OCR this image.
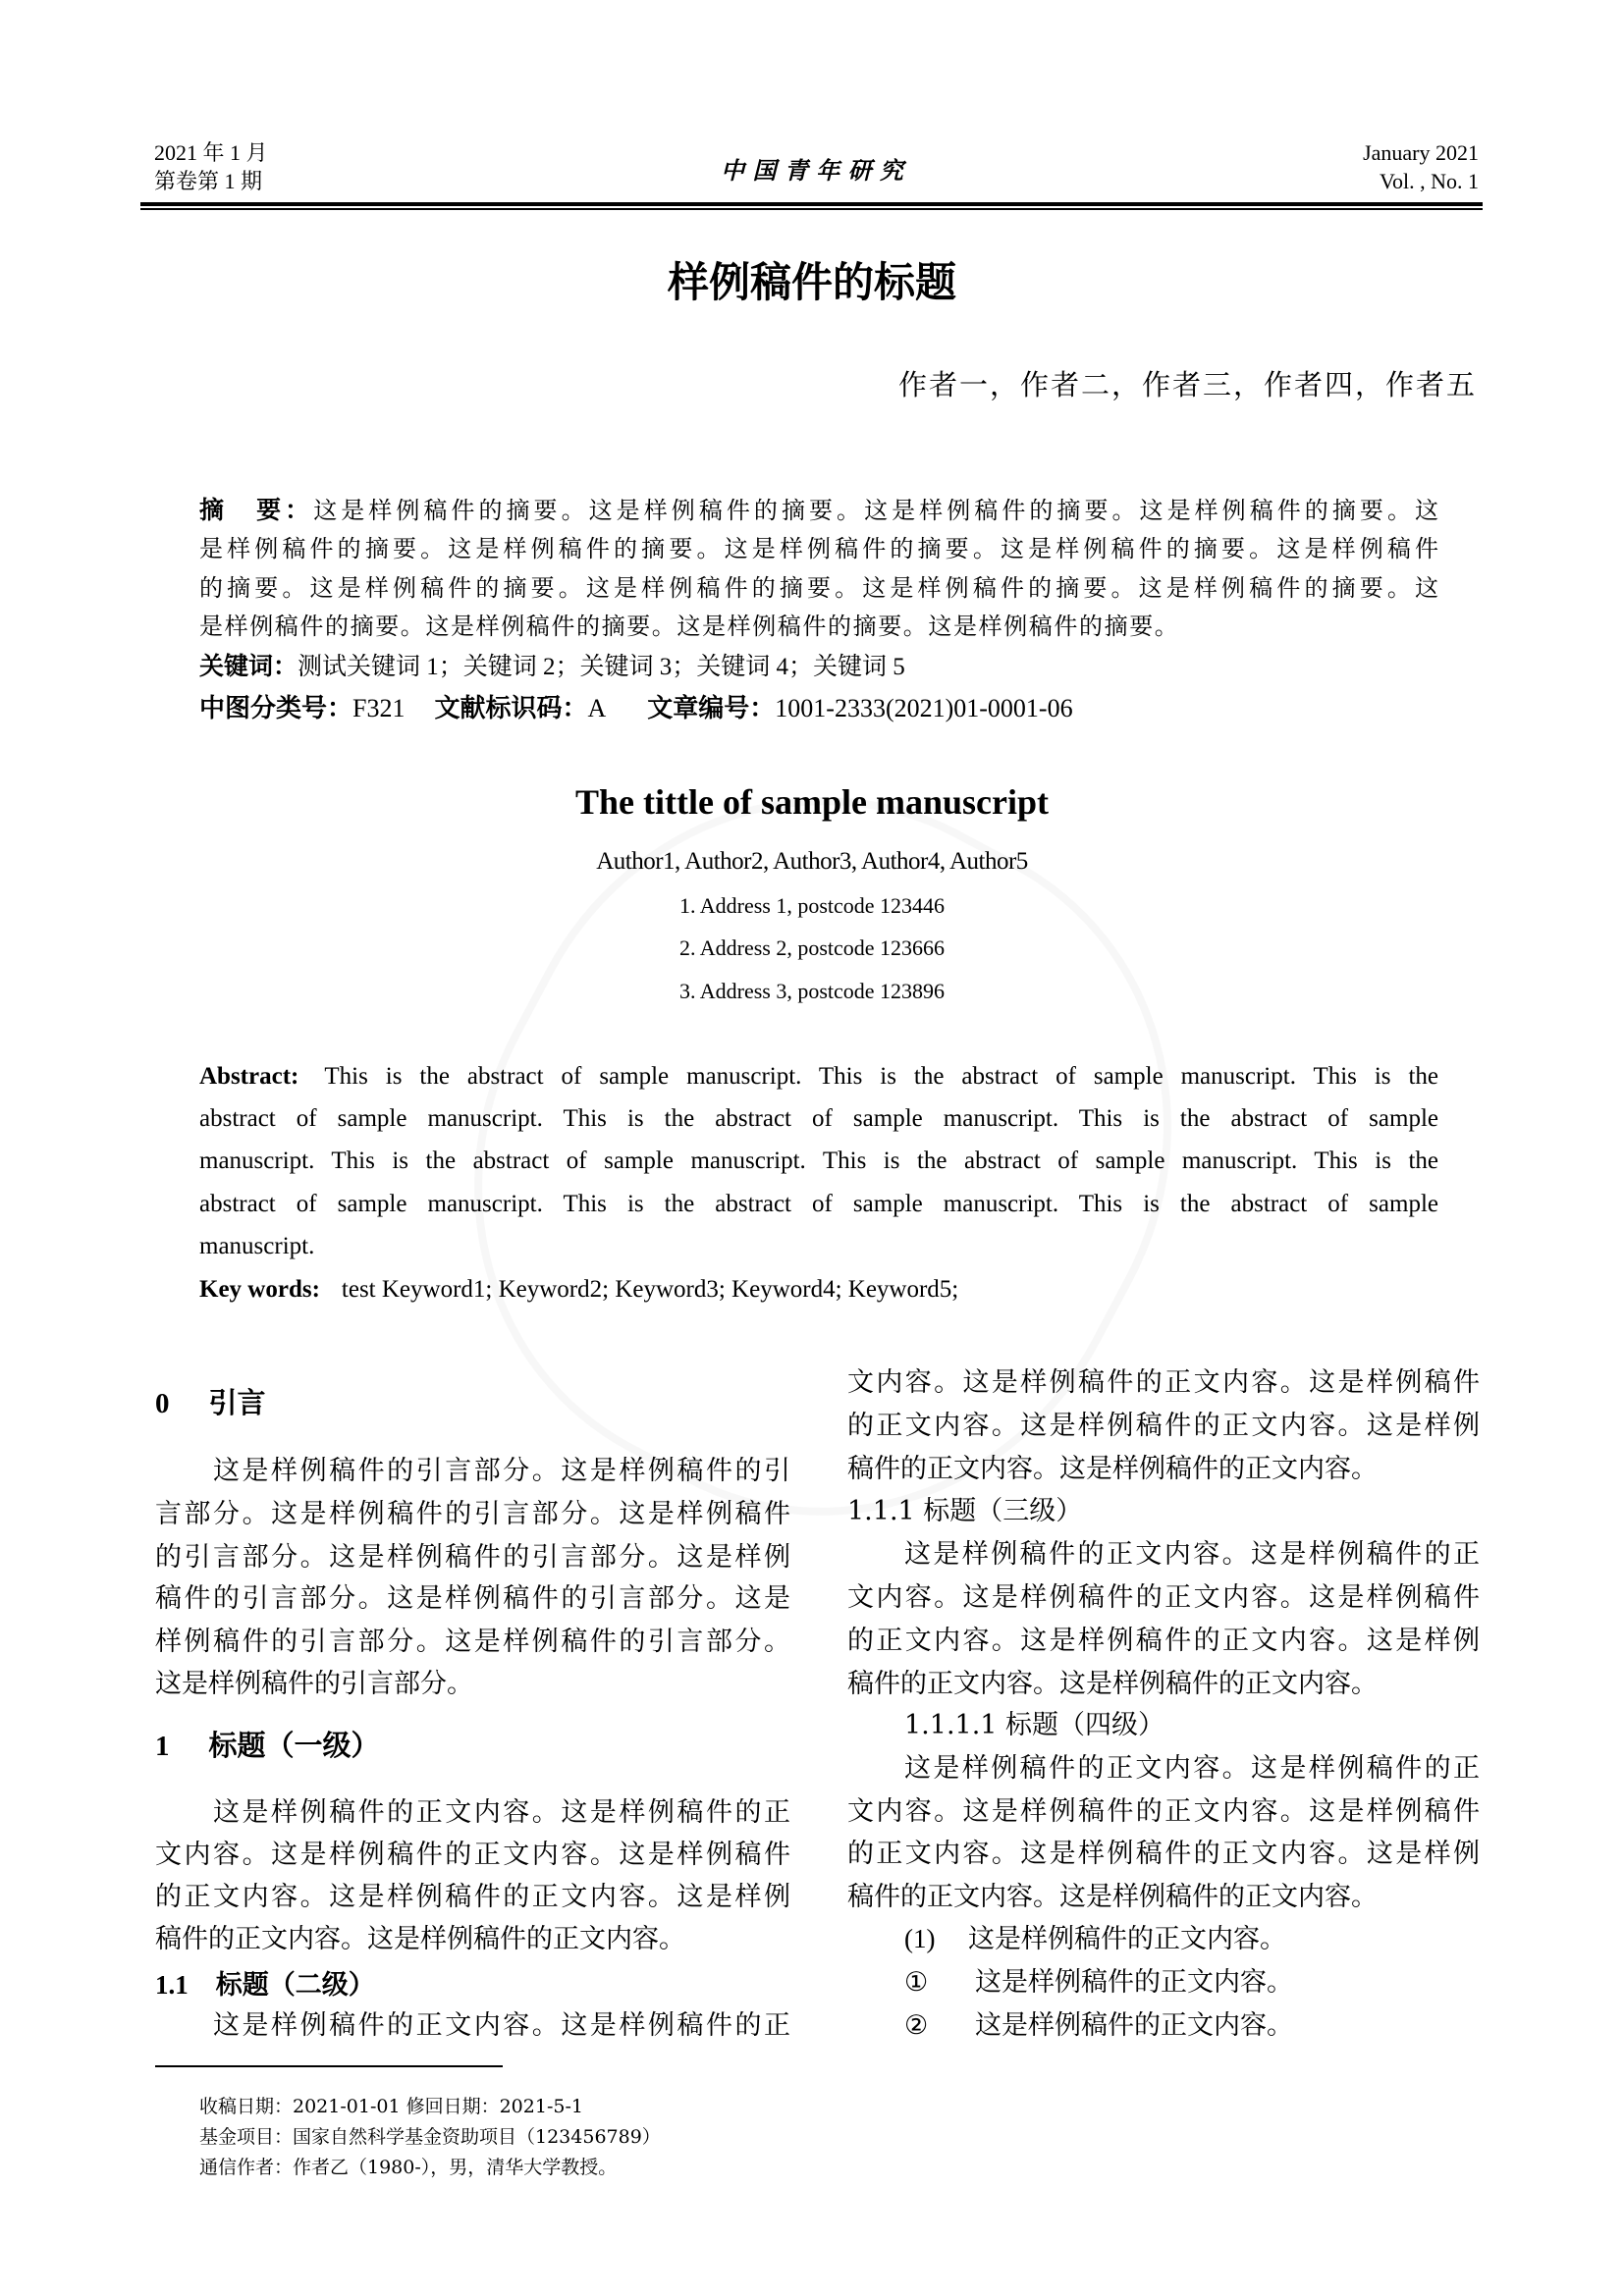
2021 年 1 月
第卷第 1 期	中 国 青 年 研 究
January 2021
Vol. , No. 1
样例稿件的标题
作者一，作者二，作者三，作者四，作者五
摘　要：这是样例稿件的摘要。这是样例稿件的摘要。这是样例稿件的摘要。这是样例稿件的摘要。这
是样例稿件的摘要。这是样例稿件的摘要。这是样例稿件的摘要。这是样例稿件的摘要。这是样例稿件
的摘要。这是样例稿件的摘要。这是样例稿件的摘要。这是样例稿件的摘要。这是样例稿件的摘要。这
是样例稿件的摘要。这是样例稿件的摘要。这是样例稿件的摘要。这是样例稿件的摘要。
关键词：测试关键词 1；关键词 2；关键词 3；关键词 4；关键词 5
中图分类号：F321 文献标识码：A 文章编号：1001-2333(2021)01-0001-06
The tittle of sample manuscript
Author1, Author2, Author3, Author4, Author5
1. Address 1, postcode 123446
2. Address 2, postcode 123666
3. Address 3, postcode 123896
Abstract: This is the abstract of sample manuscript. This is the abstract of sample manuscript. This is the
abstract of sample manuscript. This is the abstract of sample manuscript. This is the abstract of sample
manuscript. This is the abstract of sample manuscript. This is the abstract of sample manuscript. This is the
abstract of sample manuscript. This is the abstract of sample manuscript. This is the abstract of sample
manuscript.
Key words: test Keyword1; Keyword2; Keyword3; Keyword4; Keyword5;
0 引言
这是样例稿件的引言部分。这是样例稿件的引
言部分。这是样例稿件的引言部分。这是样例稿件
的引言部分。这是样例稿件的引言部分。这是样例
稿件的引言部分。这是样例稿件的引言部分。这是
样例稿件的引言部分。这是样例稿件的引言部分。
这是样例稿件的引言部分。
1 标题（一级）
这是样例稿件的正文内容。这是样例稿件的正
文内容。这是样例稿件的正文内容。这是样例稿件
的正文内容。这是样例稿件的正文内容。这是样例
稿件的正文内容。这是样例稿件的正文内容。
1.1 标题（二级）
这是样例稿件的正文内容。这是样例稿件的正
文内容。这是样例稿件的正文内容。这是样例稿件
的正文内容。这是样例稿件的正文内容。这是样例
稿件的正文内容。这是样例稿件的正文内容。
1.1.1 标题（三级）
这是样例稿件的正文内容。这是样例稿件的正
文内容。这是样例稿件的正文内容。这是样例稿件
的正文内容。这是样例稿件的正文内容。这是样例
稿件的正文内容。这是样例稿件的正文内容。
1.1.1.1 标题（四级）
这是样例稿件的正文内容。这是样例稿件的正
文内容。这是样例稿件的正文内容。这是样例稿件
的正文内容。这是样例稿件的正文内容。这是样例
稿件的正文内容。这是样例稿件的正文内容。
(1) 这是样例稿件的正文内容。
① 这是样例稿件的正文内容。
② 这是样例稿件的正文内容。
收稿日期：2021-01-01 修回日期：2021-5-1
基金项目：国家自然科学基金资助项目（123456789）
通信作者：作者乙（1980-），男，清华大学教授。
